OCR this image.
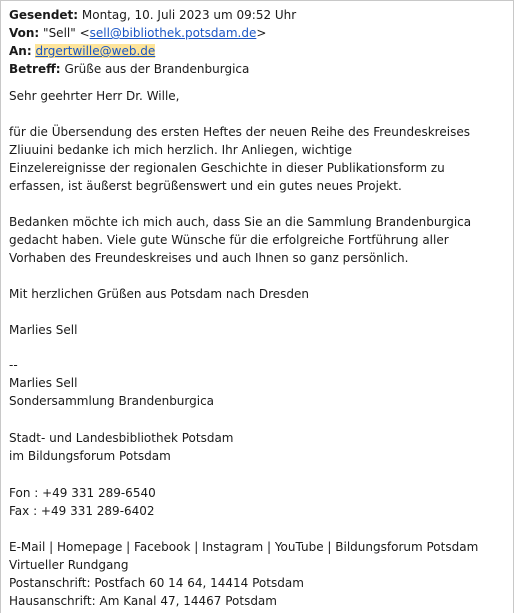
Gesendet: Montag, 10. Juli 2023 um 09:52 Uhr
Von: "Sell" <sell@bibliothek.potsdam.de>
An: drgertwille@web.de
Betreff: Grüße aus der Brandenburgica
Sehr geehrter Herr Dr. Wille,
für die Übersendung des ersten Heftes der neuen Reihe des Freundeskreises
Zliuuini bedanke ich mich herzlich. Ihr Anliegen, wichtige
Einzelereignisse der regionalen Geschichte in dieser Publikationsform zu
erfassen, ist äußerst begrüßenswert und ein gutes neues Projekt.
Bedanken möchte ich mich auch, dass Sie an die Sammlung Brandenburgica
gedacht haben. Viele gute Wünsche für die erfolgreiche Fortführung aller
Vorhaben des Freundeskreises und auch Ihnen so ganz persönlich.
Mit herzlichen Grüßen aus Potsdam nach Dresden
Marlies Sell
--
Marlies Sell
Sondersammlung Brandenburgica
Stadt- und Landesbibliothek Potsdam
im Bildungsforum Potsdam
Fon : +49 331 289-6540
Fax : +49 331 289-6402
E-Mail | Homepage | Facebook | Instagram | YouTube | Bildungsforum Potsdam
Virtueller Rundgang
Postanschrift: Postfach 60 14 64, 14414 Potsdam
Hausanschrift: Am Kanal 47, 14467 Potsdam
